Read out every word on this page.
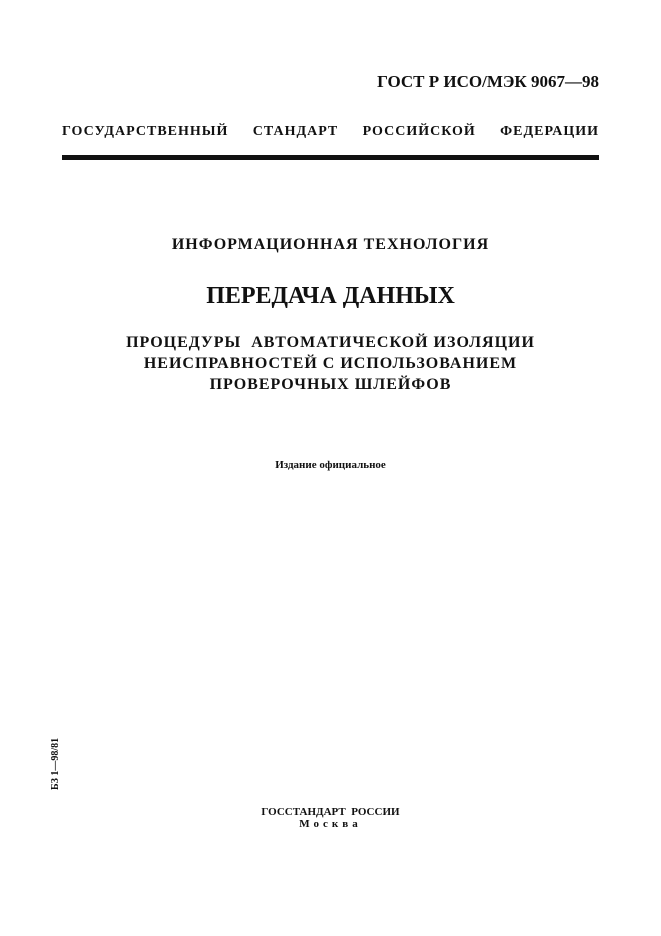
ГОСТ Р ИСО/МЭК 9067—98
ГОСУДАРСТВЕННЫЙ СТАНДАРТ РОССИЙСКОЙ ФЕДЕРАЦИИ
ИНФОРМАЦИОННАЯ ТЕХНОЛОГИЯ
ПЕРЕДАЧА ДАННЫХ
ПРОЦЕДУРЫ  АВТОМАТИЧЕСКОЙ ИЗОЛЯЦИИ
НЕИСПРАВНОСТЕЙ С ИСПОЛЬЗОВАНИЕМ
ПРОВЕРОЧНЫХ ШЛЕЙФОВ
Издание официальное
БЗ 1—98/81
ГОССТАНДАРТ  РОССИИ
Москва
